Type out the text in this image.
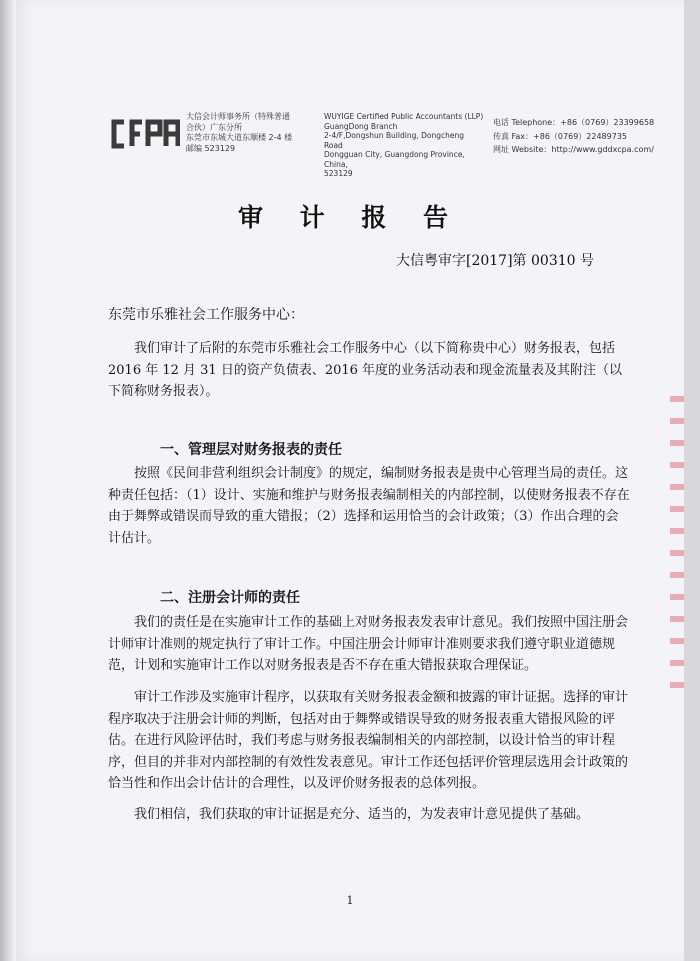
大信会计师事务所（特殊普通
合伙）广东分所
东莞市东城大道东顺楼 2-4 楼
邮编 523129
WUYIGE Certified Public Accountants (LLP)
GuangDong Branch
2-4/F,Dongshun Building, Dongcheng Road
Dongguan City, Guangdong Province, China,
523129
电话 Telephone：+86（0769）23399658
传真 Fax：+86（0769）22489735
网址 Website：http://www.gddxcpa.com/
审 计 报 告
大信粤审字[2017]第 00310 号
东莞市乐雅社会工作服务中心：

我们审计了后附的东莞市乐雅社会工作服务中心（以下简称贵中心）财务报表，包括 2016 年 12 月 31 日的资产负债表、2016 年度的业务活动表和现金流量表及其附注（以下简称财务报表）。

一、管理层对财务报表的责任

按照《民间非营利组织会计制度》的规定，编制财务报表是贵中心管理当局的责任。这种责任包括：（1）设计、实施和维护与财务报表编制相关的内部控制，以使财务报表不存在由于舞弊或错误而导致的重大错报；（2）选择和运用恰当的会计政策；（3）作出合理的会计估计。

二、注册会计师的责任

我们的责任是在实施审计工作的基础上对财务报表发表审计意见。我们按照中国注册会计师审计准则的规定执行了审计工作。中国注册会计师审计准则要求我们遵守职业道德规范，计划和实施审计工作以对财务报表是否不存在重大错报获取合理保证。

审计工作涉及实施审计程序，以获取有关财务报表金额和披露的审计证据。选择的审计程序取决于注册会计师的判断，包括对由于舞弊或错误导致的财务报表重大错报风险的评估。在进行风险评估时，我们考虑与财务报表编制相关的内部控制，以设计恰当的审计程序，但目的并非对内部控制的有效性发表意见。审计工作还包括评价管理层选用会计政策的恰当性和作出会计估计的合理性，以及评价财务报表的总体列报。

我们相信，我们获取的审计证据是充分、适当的，为发表审计意见提供了基础。

1
